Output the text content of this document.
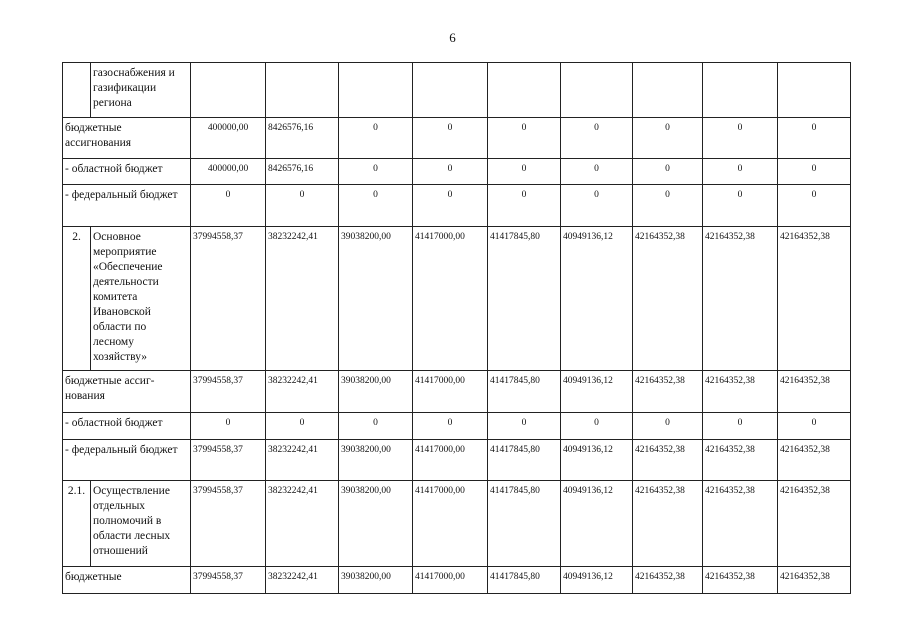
6
	газоснабжения и газификации региона									
бюджетные ассигнования		400000,00	8426576,16	0	0	0	0	0	0	0
- областной бюджет		400000,00	8426576,16	0	0	0	0	0	0	0
- федеральный бюджет		0	0	0	0	0	0	0	0	0
2.	Основное мероприятие «Обеспечение деятельности комитета Ивановской области по лесному хозяйству»	37994558,37	38232242,41	39038200,00	41417000,00	41417845,80	40949136,12	42164352,38	42164352,38	42164352,38
бюджетные ассиг-нования		37994558,37	38232242,41	39038200,00	41417000,00	41417845,80	40949136,12	42164352,38	42164352,38	42164352,38
- областной бюджет		0	0	0	0	0	0	0	0	0
- федеральный бюджет		37994558,37	38232242,41	39038200,00	41417000,00	41417845,80	40949136,12	42164352,38	42164352,38	42164352,38
2.1.	Осуществление отдельных полномочий в области лесных отношений	37994558,37	38232242,41	39038200,00	41417000,00	41417845,80	40949136,12	42164352,38	42164352,38	42164352,38
бюджетные		37994558,37	38232242,41	39038200,00	41417000,00	41417845,80	40949136,12	42164352,38	42164352,38	42164352,38
